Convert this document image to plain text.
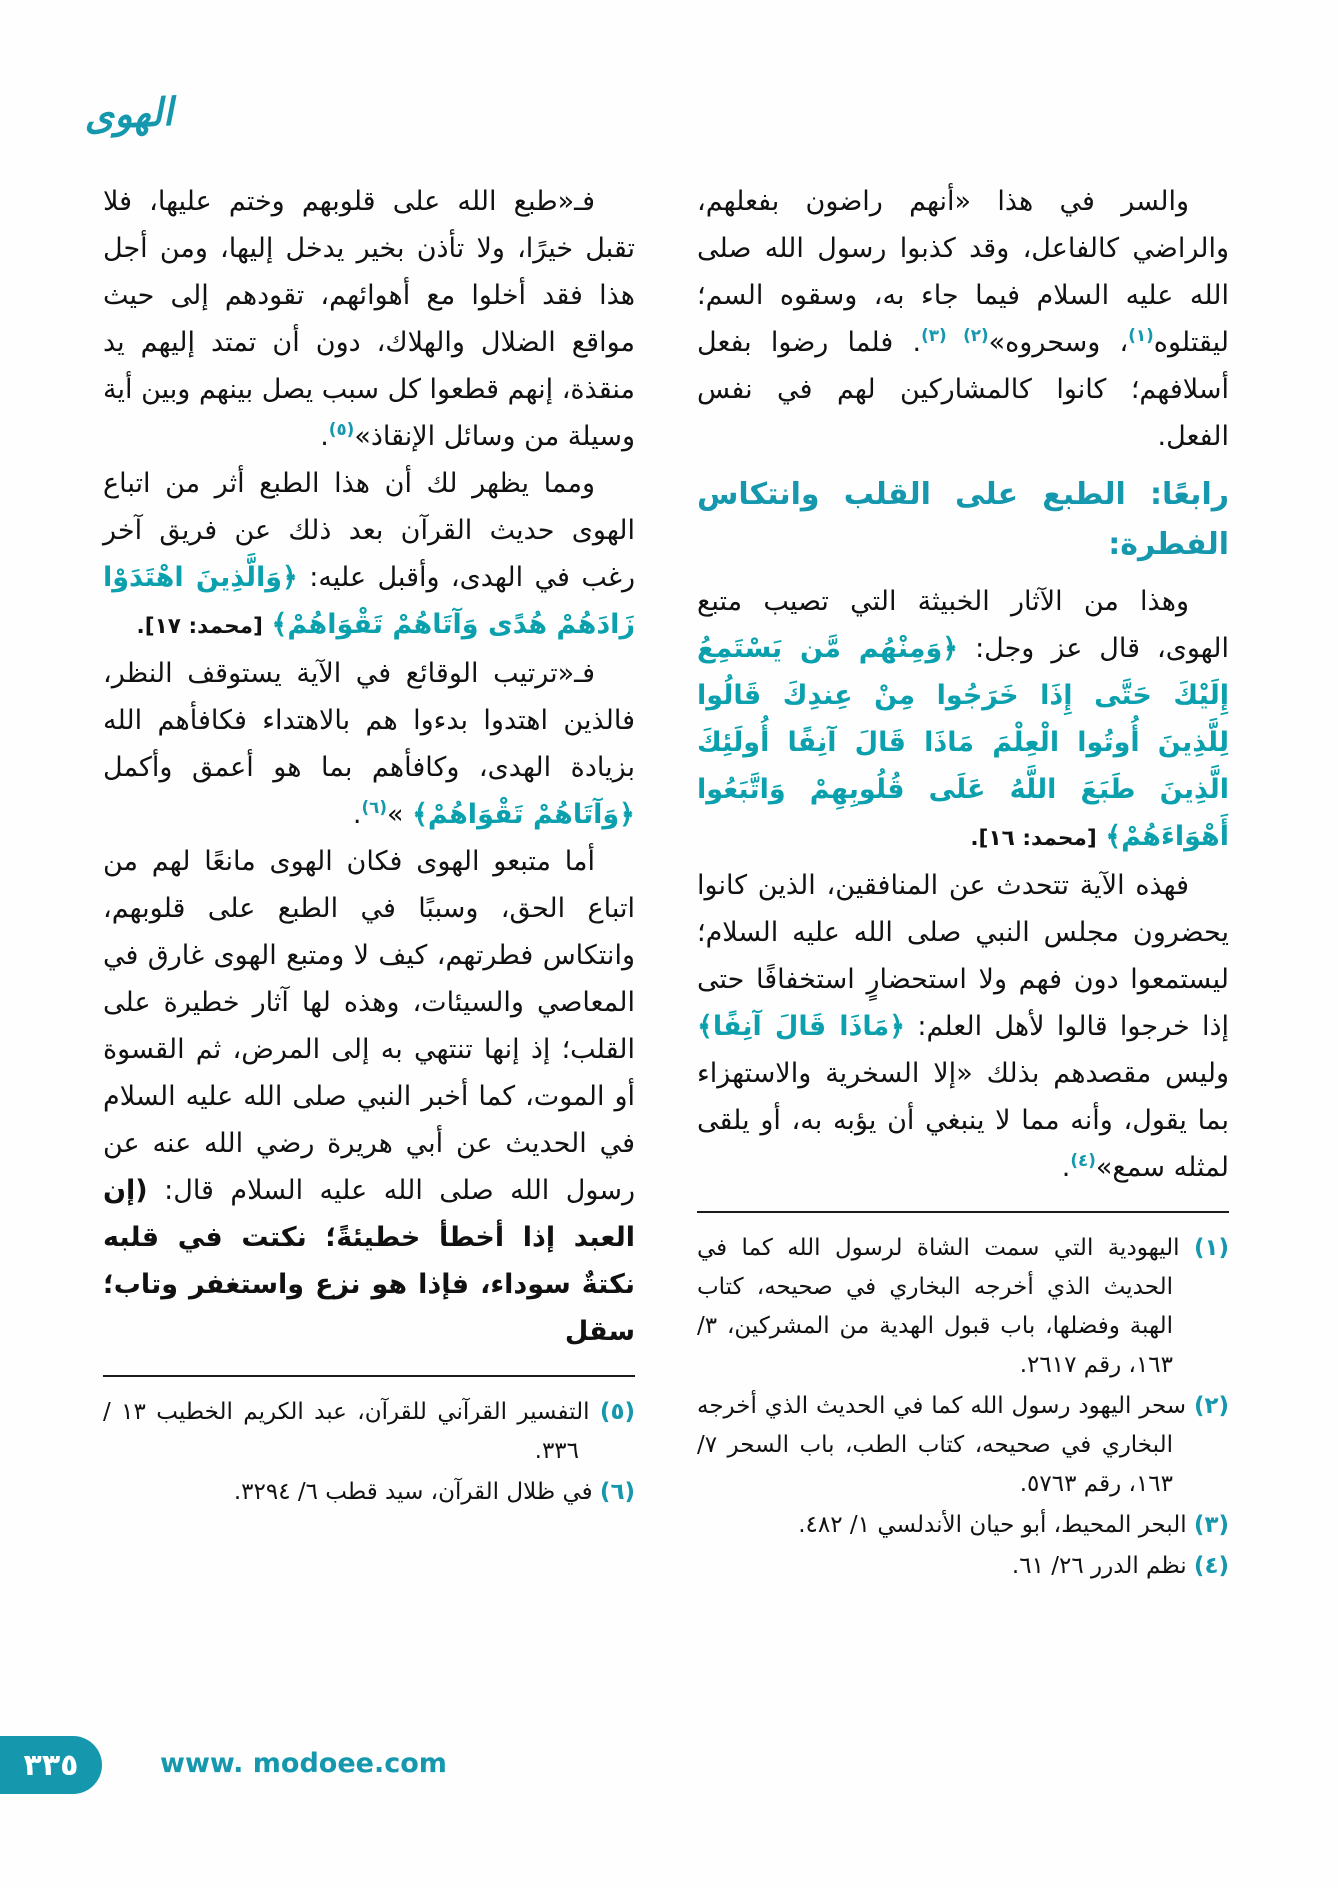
الهوى

والسر في هذا «أنهم راضون بفعلهم، والراضي كالفاعل، وقد كذبوا رسول الله صلى الله عليه السلام فيما جاء به، وسقوه السم؛ ليقتلوه$^{(١)}$، وسحروه»$^{(٢) (٣)}$. فلما رضوا بفعل أسلافهم؛ كانوا كالمشاركين لهم في نفس الفعل.

رابعًا: الطبع على القلب وانتكاس الفطرة:

وهذا من الآثار الخبيثة التي تصيب متبع الهوى، قال عز وجل: ﴿وَمِنْهُم مَّن يَسْتَمِعُ إِلَيْكَ حَتَّى إِذَا خَرَجُوا مِنْ عِندِكَ قَالُوا لِلَّذِينَ أُوتُوا الْعِلْمَ مَاذَا قَالَ آنِفًا أُولَئِكَ الَّذِينَ طَبَعَ اللَّهُ عَلَى قُلُوبِهِمْ وَاتَّبَعُوا أَهْوَاءَهُمْ﴾ [محمد: ١٦].

فهذه الآية تتحدث عن المنافقين، الذين كانوا يحضرون مجلس النبي صلى الله عليه السلام؛ ليستمعوا دون فهم ولا استحضارٍ استخفافًا حتى إذا خرجوا قالوا لأهل العلم: ﴿مَاذَا قَالَ آنِفًا﴾ وليس مقصدهم بذلك «إلا السخرية والاستهزاء بما يقول، وأنه مما لا ينبغي أن يؤبه به، أو يلقى لمثله سمع»$^{(٤)}$.

(١) اليهودية التي سمت الشاة لرسول الله كما في الحديث الذي أخرجه البخاري في صحيحه، كتاب الهبة وفضلها، باب قبول الهدية من المشركين، ٣/ ١٦٣، رقم ٢٦١٧.

(٢) سحر اليهود رسول الله كما في الحديث الذي أخرجه البخاري في صحيحه، كتاب الطب، باب السحر ٧/ ١٦٣، رقم ٥٧٦٣.

(٣) البحر المحيط، أبو حيان الأندلسي ١/ ٤٨٢.

(٤) نظم الدرر ٢٦/ ٦١.

فـ«طبع الله على قلوبهم وختم عليها، فلا تقبل خيرًا، ولا تأذن بخير يدخل إليها، ومن أجل هذا فقد أخلوا مع أهوائهم، تقودهم إلى حيث مواقع الضلال والهلاك، دون أن تمتد إليهم يد منقذة، إنهم قطعوا كل سبب يصل بينهم وبين أية وسيلة من وسائل الإنقاذ»$^{(٥)}$.

ومما يظهر لك أن هذا الطبع أثر من اتباع الهوى حديث القرآن بعد ذلك عن فريق آخر رغب في الهدى، وأقبل عليه: ﴿وَالَّذِينَ اهْتَدَوْا زَادَهُمْ هُدًى وَآتَاهُمْ تَقْوَاهُمْ﴾ [محمد: ١٧].

فـ«ترتيب الوقائع في الآية يستوقف النظر، فالذين اهتدوا بدءوا هم بالاهتداء فكافأهم الله بزيادة الهدى، وكافأهم بما هو أعمق وأكمل ﴿وَآتَاهُمْ تَقْوَاهُمْ﴾ »$^{(٦)}$.

أما متبعو الهوى فكان الهوى مانعًا لهم من اتباع الحق، وسببًا في الطبع على قلوبهم، وانتكاس فطرتهم، كيف لا ومتبع الهوى غارق في المعاصي والسيئات، وهذه لها آثار خطيرة على القلب؛ إذ إنها تنتهي به إلى المرض، ثم القسوة أو الموت، كما أخبر النبي صلى الله عليه السلام في الحديث عن أبي هريرة رضي الله عنه عن رسول الله صلى الله عليه السلام قال: (إن العبد إذا أخطأ خطيئةً؛ نكتت في قلبه نكتةٌ سوداء، فإذا هو نزع واستغفر وتاب؛ سقل

(٥) التفسير القرآني للقرآن، عبد الكريم الخطيب ١٣ / ٣٣٦.

(٦) في ظلال القرآن، سيد قطب ٦/ ٣٢٩٤.

٣٣٥	www. modoee.com
